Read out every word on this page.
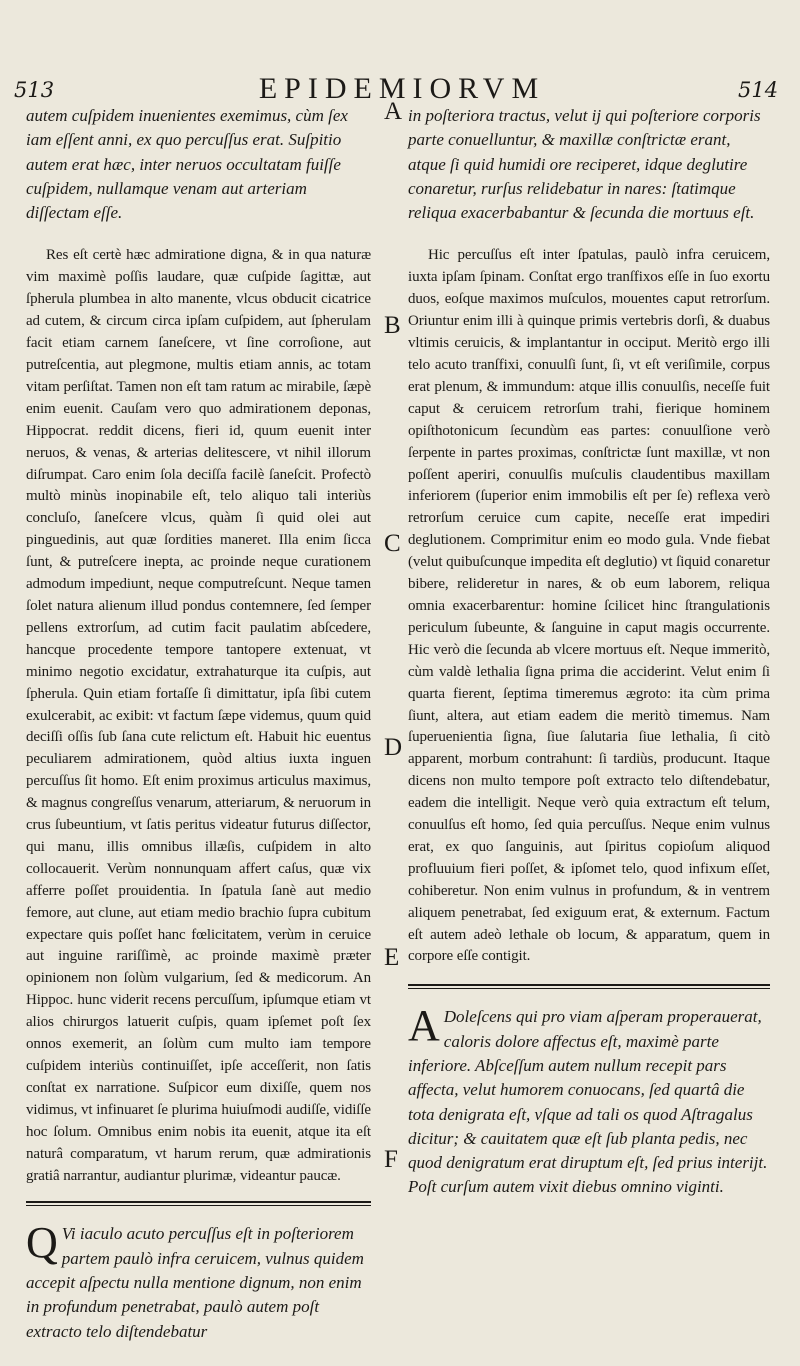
513	EPIDEMIORVM	514
A
B
C
D
E
F

autem cuſpidem inuenientes exemimus, cùm ſex iam eſſent anni, ex quo percuſſus erat. Suſpitio autem erat hæc, inter neruos occultatam fuiſſe cuſpidem, nullamque venam aut arteriam diſſectam eſſe.

Res eſt certè hæc admiratione digna, & in qua naturæ vim maximè poſſis laudare, quæ cuſpide ſagittæ, aut ſpherula plumbea in alto manente, vlcus obducit cicatrice ad cutem, & circum circa ipſam cuſpidem, aut ſpherulam facit etiam carnem ſaneſcere, vt ſine corroſione, aut putreſcentia, aut plegmone, multis etiam annis, ac totam vitam perſiſtat. Tamen non eſt tam ratum ac mirabile, ſæpè enim euenit. Cauſam vero quo admirationem deponas, Hippocrat. reddit dicens, fieri id, quum euenit inter neruos, & venas, & arterias delitescere, vt nihil illorum diſrumpat. Caro enim ſola deciſſa facilè ſaneſcit. Profectò multò minùs inopinabile eſt, telo aliquo tali interiùs concluſo, ſaneſcere vlcus, quàm ſi quid olei aut pinguedinis, aut quæ ſordities maneret. Illa enim ſicca ſunt, & putreſcere inepta, ac proinde neque curationem admodum impediunt, neque computreſcunt. Neque tamen ſolet natura alienum illud pondus contemnere, ſed ſemper pellens extrorſum, ad cutim facit paulatim abſcedere, hancque procedente tempore tantopere extenuat, vt minimo negotio excidatur, extrahaturque ita cuſpis, aut ſpherula. Quin etiam fortaſſe ſi dimittatur, ipſa ſibi cutem exulcerabit, ac exibit: vt factum ſæpe videmus, quum quid deciſſi oſſis ſub ſana cute relictum eſt. Habuit hic euentus peculiarem admirationem, quòd altius iuxta inguen percuſſus ſit homo. Eſt enim proximus articulus maximus, & magnus congreſſus venarum, atteriarum, & neruorum in crus ſubeuntium, vt ſatis peritus videatur futurus diſſector, qui manu, illis omnibus illæſis, cuſpidem in alto collocauerit. Verùm nonnunquam affert caſus, quæ vix afferre poſſet prouidentia. In ſpatula ſanè aut medio femore, aut clune, aut etiam medio brachio ſupra cubitum expectare quis poſſet hanc fœlicitatem, verùm in ceruice aut inguine rariſſimè, ac proinde maximè præter opinionem non ſolùm vulgarium, ſed & medicorum. An Hippoc. hunc viderit recens percuſſum, ipſumque etiam vt alios chirurgos latuerit cuſpis, quam ipſemet poſt ſex onnos exemerit, an ſolùm cum multo iam tempore cuſpidem interiùs continuiſſet, ipſe acceſſerit, non ſatis conſtat ex narratione. Suſpicor eum dixiſſe, quem nos vidimus, vt infinuaret ſe plurima huiuſmodi audiſſe, vidiſſe hoc ſolum. Omnibus enim nobis ita euenit, atque ita eſt naturâ comparatum, vt harum rerum, quæ admirationis gratiâ narrantur, audiantur plurimæ, videantur paucæ.

Q Vi iaculo acuto percuſſus eſt in poſteriorem partem paulò infra ceruicem, vulnus quidem accepit aſpectu nulla mentione dignum, non enim in profundum penetrabat, paulò autem poſt extracto telo diſtendebatur

in poſteriora tractus, velut ij qui poſteriore corporis parte conuelluntur, & maxillæ conſtrictæ erant, atque ſi quid humidi ore reciperet, idque deglutire conaretur, rurſus relidebatur in nares: ſtatimque reliqua exacerbabantur & ſecunda die mortuus eſt.

Hic percuſſus eſt inter ſpatulas, paulò infra ceruicem, iuxta ipſam ſpinam. Conſtat ergo tranſfixos eſſe in ſuo exortu duos, eoſque maximos muſculos, mouentes caput retrorſum. Oriuntur enim illi à quinque primis vertebris dorſi, & duabus vltimis ceruicis, & implantantur in occiput. Meritò ergo illi telo acuto tranſfixi, conuulſi ſunt, ſi, vt eſt veriſimile, corpus erat plenum, & immundum: atque illis conuulſis, neceſſe fuit caput & ceruicem retrorſum trahi, fierique hominem opiſthotonicum ſecundùm eas partes: conuulſione verò ſerpente in partes proximas, conſtrictæ ſunt maxillæ, vt non poſſent aperiri, conuulſis muſculis claudentibus maxillam inferiorem (ſuperior enim immobilis eſt per ſe) reflexa verò retrorſum ceruice cum capite, neceſſe erat impediri deglutionem. Comprimitur enim eo modo gula. Vnde fiebat (velut quibuſcunque impedita eſt deglutio) vt ſiquid conaretur bibere, relideretur in nares, & ob eum laborem, reliqua omnia exacerbarentur: homine ſcilicet hinc ſtrangulationis periculum ſubeunte, & ſanguine in caput magis occurrente. Hic verò die ſecunda ab vlcere mortuus eſt. Neque immeritò, cùm valdè lethalia ſigna prima die acciderint. Velut enim ſi quarta fierent, ſeptima timeremus ægroto: ita cùm prima ſiunt, altera, aut etiam eadem die meritò timemus. Nam ſuperuenientia ſigna, ſiue ſalutaria ſiue lethalia, ſi citò apparent, morbum contrahunt: ſi tardiùs, producunt. Itaque dicens non multo tempore poſt extracto telo diſtendebatur, eadem die intelligit. Neque verò quia extractum eſt telum, conuulſus eſt homo, ſed quia percuſſus. Neque enim vulnus erat, ex quo ſanguinis, aut ſpiritus copioſum aliquod profluuium fieri poſſet, & ipſomet telo, quod infixum eſſet, cohiberetur. Non enim vulnus in profundum, & in ventrem aliquem penetrabat, ſed exiguum erat, & externum. Factum eſt autem adeò lethale ob locum, & apparatum, quem in corpore eſſe contigit.

A Doleſcens qui pro viam aſperam properauerat, caloris dolore affectus eſt, maximè parte inferiore. Abſceſſum autem nullum recepit pars affecta, velut humorem conuocans, ſed quartâ die tota denigrata eſt, vſque ad tali os quod Aſtragalus dicitur; & cauitatem quæ eſt ſub planta pedis, nec quod denigratum erat diruptum eſt, ſed prius interijt. Poſt curſum autem vixit diebus omnino viginti.
